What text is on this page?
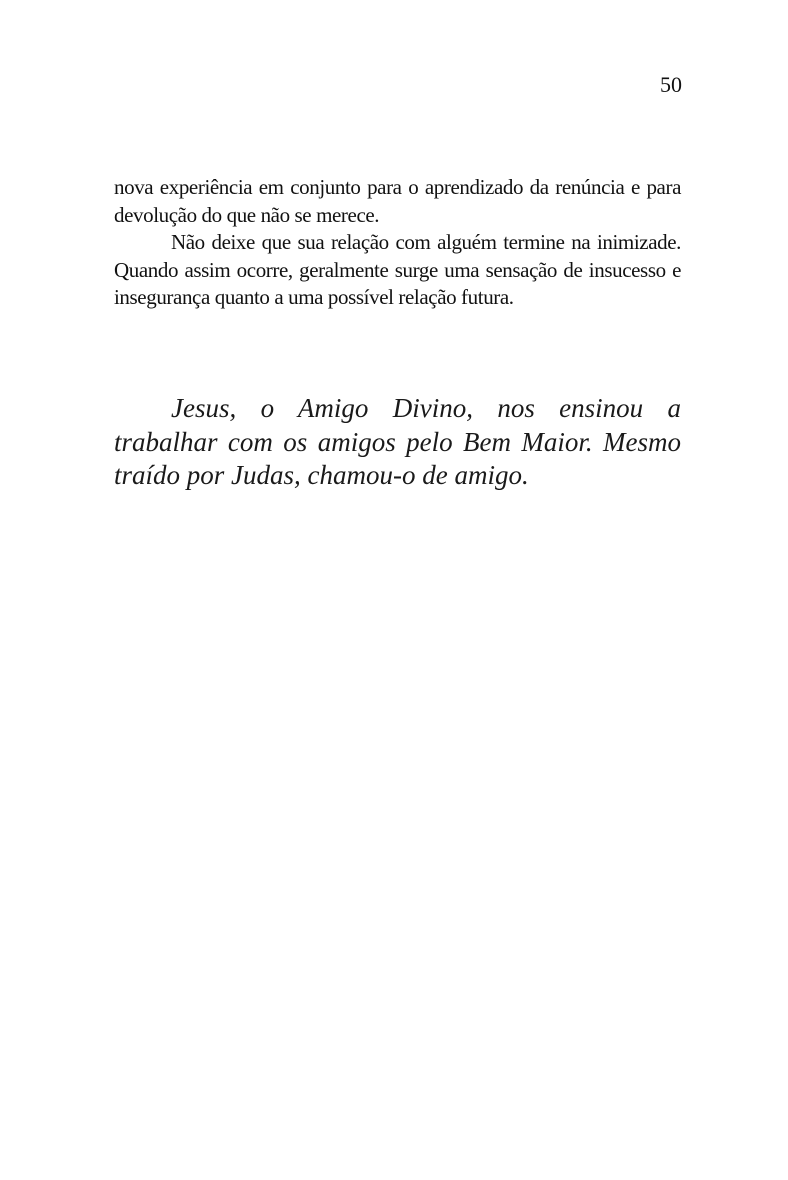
50

nova experiência em conjunto para o aprendizado da renúncia e para devolução do que não se merece.

Não deixe que sua relação com alguém termine na inimizade. Quando assim ocorre, geralmente surge uma sensação de insucesso e insegurança quanto a uma possível relação futura.

Jesus, o Amigo Divino, nos ensinou a trabalhar com os amigos pelo Bem Maior. Mesmo traído por Judas, chamou-o de amigo.
